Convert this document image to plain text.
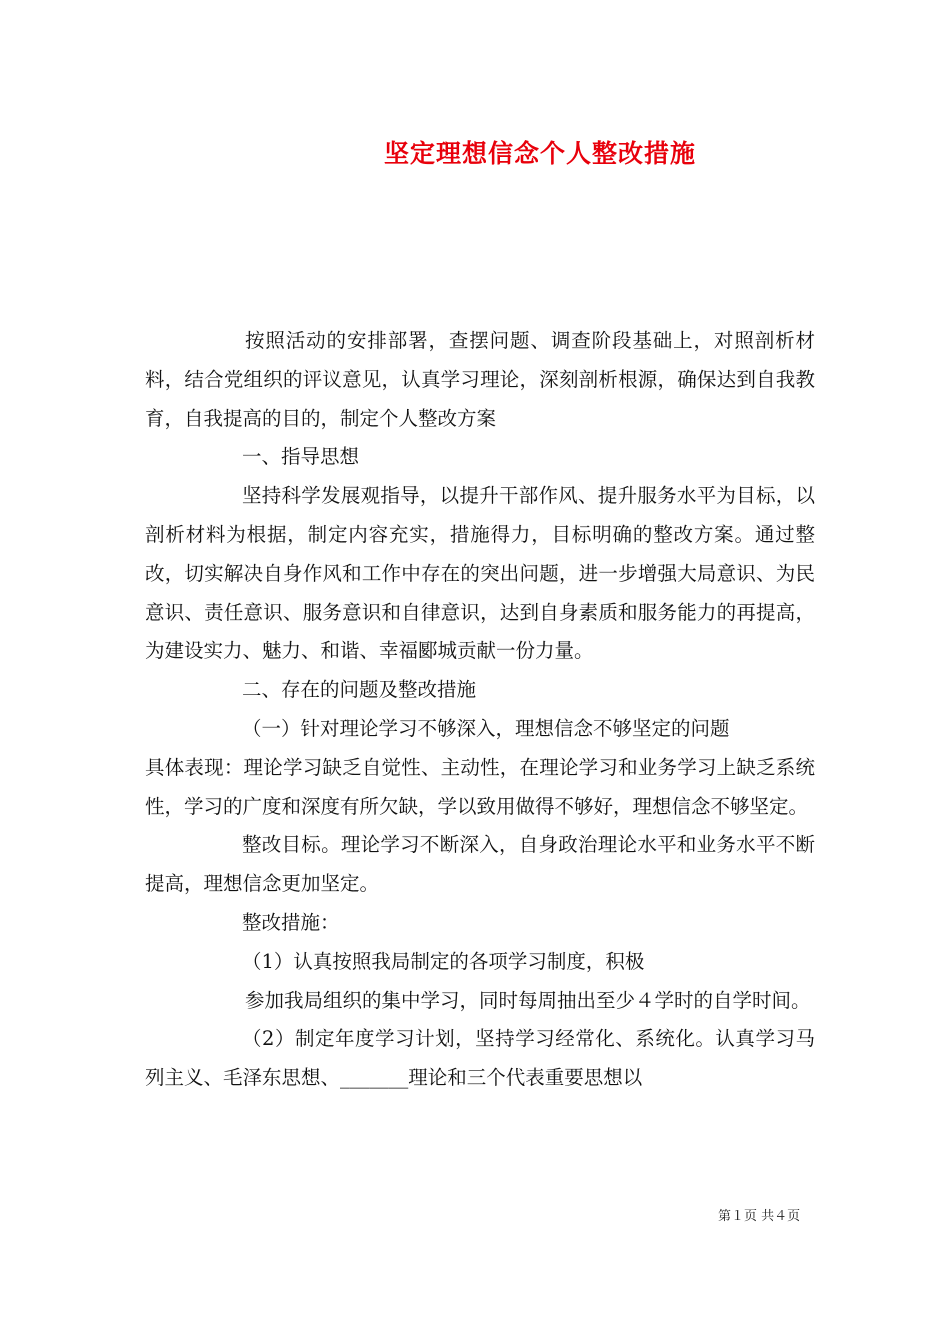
坚定理想信念个人整改措施

按照活动的安排部署，查摆问题、调查阶段基础上，对照剖析材料，结合党组织的评议意见，认真学习理论，深刻剖析根源，确保达到自我教育，自我提高的目的，制定个人整改方案

一、指导思想

坚持科学发展观指导，以提升干部作风、提升服务水平为目标，以剖析材料为根据，制定内容充实，措施得力，目标明确的整改方案。通过整改，切实解决自身作风和工作中存在的突出问题，进一步增强大局意识、为民意识、责任意识、服务意识和自律意识，达到自身素质和服务能力的再提高，为建设实力、魅力、和谐、幸福郾城贡献一份力量。

二、存在的问题及整改措施

（一）针对理论学习不够深入，理想信念不够坚定的问题

具体表现：理论学习缺乏自觉性、主动性，在理论学习和业务学习上缺乏系统性，学习的广度和深度有所欠缺，学以致用做得不够好，理想信念不够坚定。

整改目标。理论学习不断深入，自身政治理论水平和业务水平不断提高，理想信念更加坚定。

整改措施：

（1）认真按照我局制定的各项学习制度，积极

参加我局组织的集中学习，同时每周抽出至少４学时的自学时间。

（2）制定年度学习计划，坚持学习经常化、系统化。认真学习马列主义、毛泽东思想、_______理论和三个代表重要思想以

第１页 共４页
